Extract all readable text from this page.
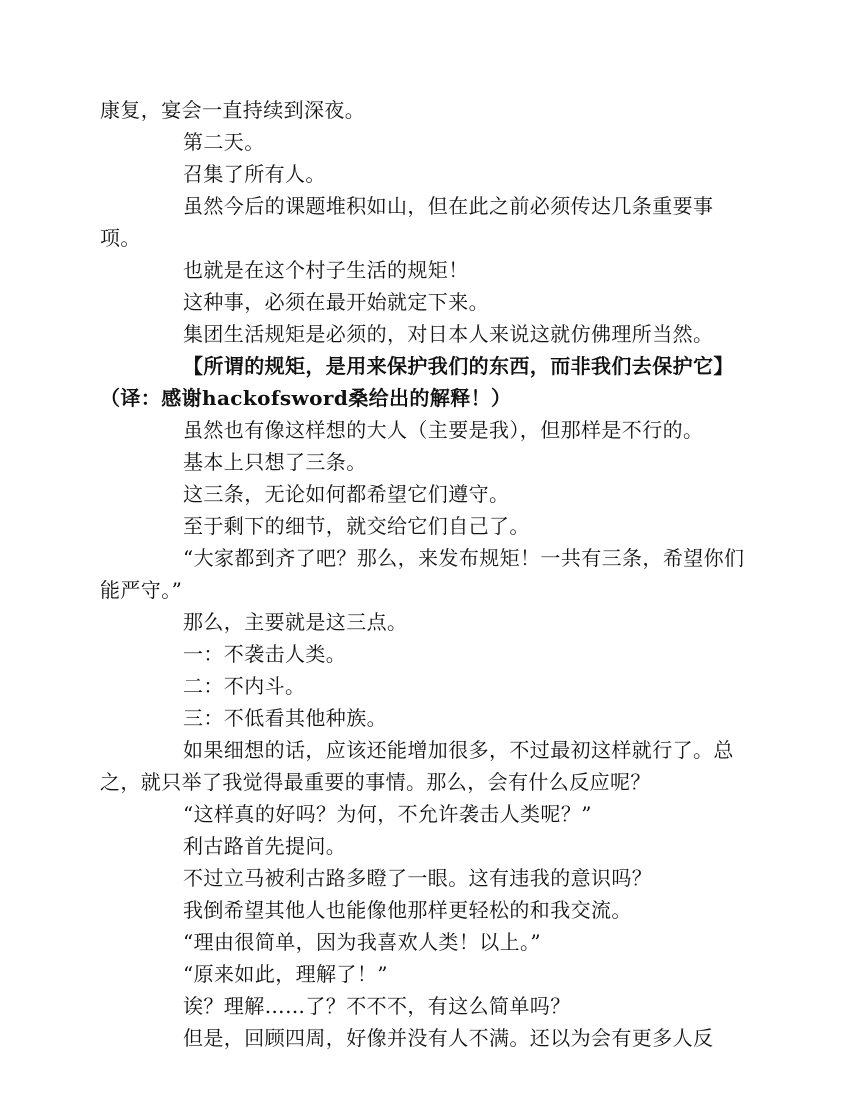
康复，宴会一直持续到深夜。

第二天。

召集了所有人。

虽然今后的课题堆积如山，但在此之前必须传达几条重要事项。

也就是在这个村子生活的规矩！

这种事，必须在最开始就定下来。

集团生活规矩是必须的，对日本人来说这就仿佛理所当然。

【所谓的规矩，是用来保护我们的东西，而非我们去保护它】（译：感谢hackofsword桑给出的解释！）

虽然也有像这样想的大人（主要是我），但那样是不行的。

基本上只想了三条。

这三条，无论如何都希望它们遵守。

至于剩下的细节，就交给它们自己了。

“大家都到齐了吧？那么，来发布规矩！一共有三条，希望你们能严守。”

那么，主要就是这三点。

一：不袭击人类。

二：不内斗。

三：不低看其他种族。

如果细想的话，应该还能增加很多，不过最初这样就行了。总之，就只举了我觉得最重要的事情。那么，会有什么反应呢？

“这样真的好吗？为何，不允许袭击人类呢？”

利古路首先提问。

不过立马被利古路多瞪了一眼。这有违我的意识吗？

我倒希望其他人也能像他那样更轻松的和我交流。

“理由很简单，因为我喜欢人类！以上。”

“原来如此，理解了！”

诶？理解……了？不不不，有这么简单吗？

但是，回顾四周，好像并没有人不满。还以为会有更多人反
